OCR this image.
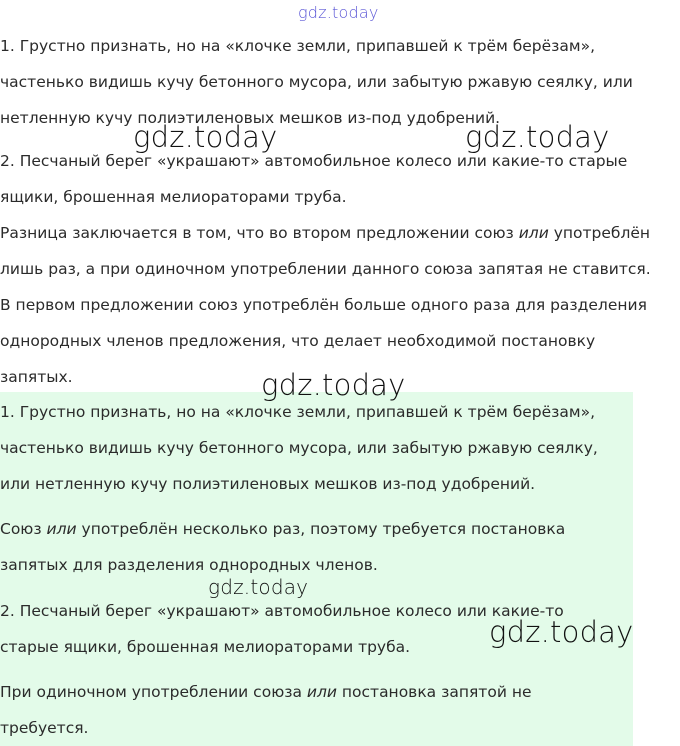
gdz.today
1. Грустно признать, но на «клочке земли, припавшей к трём берёзам»,
частенько видишь кучу бетонного мусора, или забытую ржавую сеялку, или
нетленную кучу полиэтиленовых мешков из-под удобрений.
2. Песчаный берег «украшают» автомобильное колесо или какие-то старые
ящики, брошенная мелиораторами труба.
Разница заключается в том, что во втором предложении союз или употреблён
лишь раз, а при одиночном употреблении данного союза запятая не ставится.
В первом предложении союз употреблён больше одного раза для разделения
однородных членов предложения, что делает необходимой постановку
запятых.
1. Грустно признать, но на «клочке земли, припавшей к трём берёзам»,
частенько видишь кучу бетонного мусора, или забытую ржавую сеялку,
или нетленную кучу полиэтиленовых мешков из-под удобрений.
Союз или употреблён несколько раз, поэтому требуется постановка
запятых для разделения однородных членов.
2. Песчаный берег «украшают» автомобильное колесо или какие-то
старые ящики, брошенная мелиораторами труба.
При одиночном употреблении союза или постановка запятой не
требуется.
gdz.today	gdz.today
gdz.today
gdz.today
gdz.today
